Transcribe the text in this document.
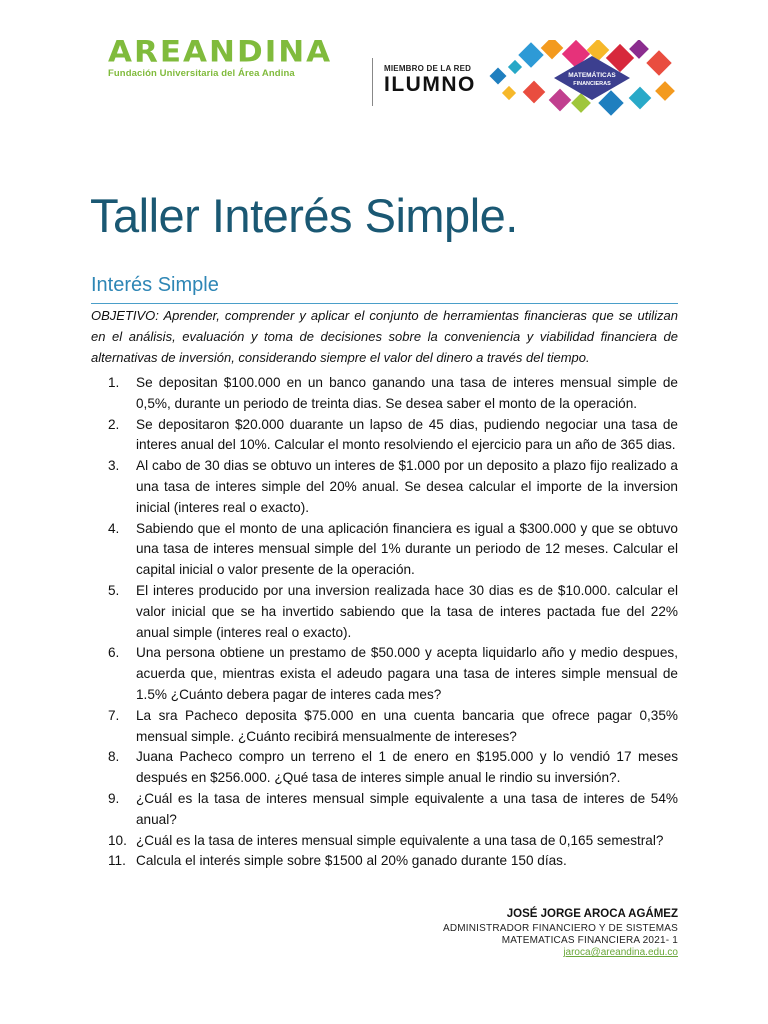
AREANDINA
Fundación Universitaria del Área Andina	MIEMBRO DE LA RED
ILUMNO	MATEMÁTICAS
FINANCIERAS
Taller Interés Simple.
Interés Simple
OBJETIVO: Aprender, comprender y aplicar el conjunto de herramientas financieras que se utilizan en el análisis, evaluación y toma de decisiones sobre la conveniencia y viabilidad financiera de alternativas de inversión, considerando siempre el valor del dinero a través del tiempo.
1. Se depositan $100.000 en un banco ganando una tasa de interes mensual simple de 0,5%, durante un periodo de treinta dias. Se desea saber el monto de la operación.
2. Se depositaron $20.000 duarante un lapso de 45 dias, pudiendo negociar una tasa de interes anual del 10%. Calcular el monto resolviendo el ejercicio para un año de 365 dias.
3. Al cabo de 30 dias se obtuvo un interes de $1.000 por un deposito a plazo fijo realizado a una tasa de interes simple del 20% anual. Se desea calcular el importe de la inversion inicial (interes real o exacto).
4. Sabiendo que el monto de una aplicación financiera es igual a $300.000 y que se obtuvo una tasa de interes mensual simple del 1% durante un periodo de 12 meses. Calcular el capital inicial o valor presente de la operación.
5. El interes producido por una inversion realizada hace 30 dias es de $10.000. calcular el valor inicial que se ha invertido sabiendo que la tasa de interes pactada fue del 22% anual simple (interes real o exacto).
6. Una persona obtiene un prestamo de $50.000 y acepta liquidarlo año y medio despues, acuerda que, mientras exista el adeudo pagara una tasa de interes simple mensual de 1.5% ¿Cuánto debera pagar de interes cada mes?
7. La sra Pacheco deposita $75.000 en una cuenta bancaria que ofrece pagar 0,35% mensual simple. ¿Cuánto recibirá mensualmente de intereses?
8. Juana Pacheco compro un terreno el 1 de enero en $195.000 y lo vendió 17 meses después en $256.000. ¿Qué tasa de interes simple anual le rindio su inversión?.
9. ¿Cuál es la tasa de interes mensual simple equivalente a una tasa de interes de 54% anual?
10. ¿Cuál es la tasa de interes mensual simple equivalente a una tasa de 0,165 semestral?
11. Calcula el interés simple sobre $1500 al 20% ganado durante 150 días.
JOSÉ JORGE AROCA AGÁMEZ
ADMINISTRADOR FINANCIERO Y DE SISTEMAS
MATEMATICAS FINANCIERA 2021- 1
jaroca@areandina.edu.co
